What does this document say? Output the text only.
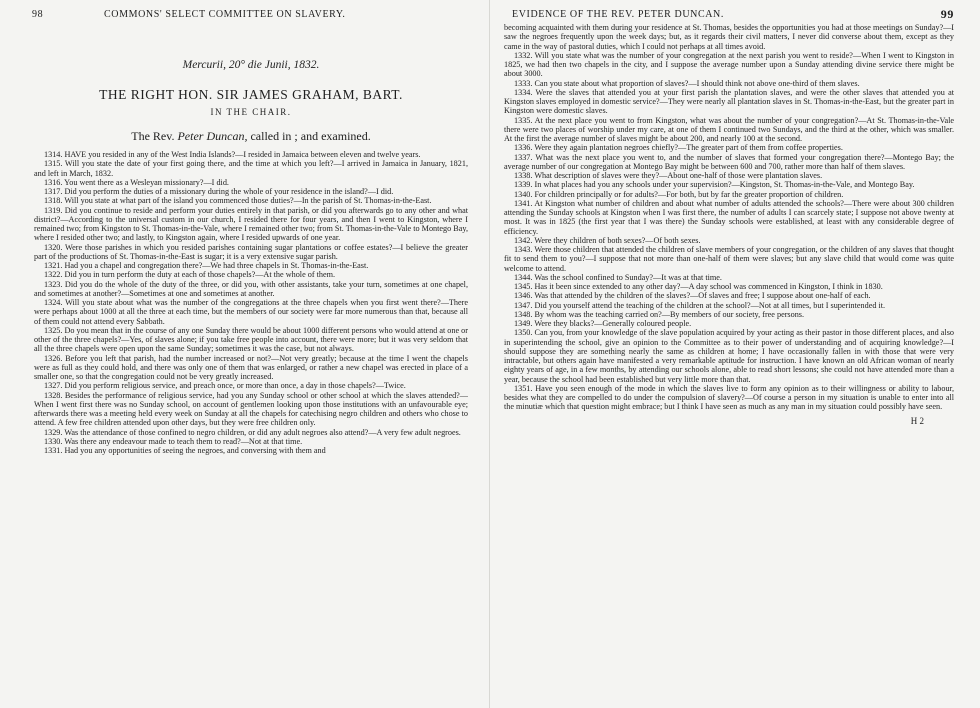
98	COMMONS' SELECT COMMITTEE ON SLAVERY.
Mercurii, 20° die Junii, 1832.
THE RIGHT HON. SIR JAMES GRAHAM, BART.
IN THE CHAIR.
The Rev. Peter Duncan, called in ; and examined.

1314. HAVE you resided in any of the West India Islands?—I resided in Jamaica between eleven and twelve years.

1315. Will you state the date of your first going there, and the time at which you left?—I arrived in Jamaica in January, 1821, and left in March, 1832.

1316. You went there as a Wesleyan missionary?—I did.

1317. Did you perform the duties of a missionary during the whole of your residence in the island?—I did.

1318. Will you state at what part of the island you commenced those duties?—In the parish of St. Thomas-in-the-East.

1319. Did you continue to reside and perform your duties entirely in that parish, or did you afterwards go to any other and what district?—According to the universal custom in our church, I resided there for four years, and then I went to Kingston, where I remained two; from Kingston to St. Thomas-in-the-Vale, where I remained other two; from St. Thomas-in-the-Vale to Montego Bay, where I resided other two; and lastly, to Kingston again, where I resided upwards of one year.

1320. Were those parishes in which you resided parishes containing sugar plantations or coffee estates?—I believe the greater part of the productions of St. Thomas-in-the-East is sugar; it is a very extensive sugar parish.

1321. Had you a chapel and congregation there?—We had three chapels in St. Thomas-in-the-East.

1322. Did you in turn perform the duty at each of those chapels?—At the whole of them.

1323. Did you do the whole of the duty of the three, or did you, with other assistants, take your turn, sometimes at one chapel, and sometimes at another?—Sometimes at one and sometimes at another.

1324. Will you state about what was the number of the congregations at the three chapels when you first went there?—There were perhaps about 1000 at all the three at each time, but the members of our society were far more numerous than that, because all of them could not attend every Sabbath.

1325. Do you mean that in the course of any one Sunday there would be about 1000 different persons who would attend at one or other of the three chapels?—Yes, of slaves alone; if you take free people into account, there were more; but it was very seldom that all the three chapels were open upon the same Sunday; sometimes it was the case, but not always.

1326. Before you left that parish, had the number increased or not?—Not very greatly; because at the time I went the chapels were as full as they could hold, and there was only one of them that was enlarged, or rather a new chapel was erected in place of a smaller one, so that the congregation could not be very greatly increased.

1327. Did you perform religious service, and preach once, or more than once, a day in those chapels?—Twice.

1328. Besides the performance of religious service, had you any Sunday school or other school at which the slaves attended?—When I went first there was no Sunday school, on account of gentlemen looking upon those institutions with an unfavourable eye; afterwards there was a meeting held every week on Sunday at all the chapels for catechising negro children and others who chose to attend. A few free children attended upon other days, but they were free children only.

1329. Was the attendance of those confined to negro children, or did any adult negroes also attend?—A very few adult negroes.

1330. Was there any endeavour made to teach them to read?—Not at that time.

1331. Had you any opportunities of seeing the negroes, and conversing with them and

EVIDENCE OF THE REV. PETER DUNCAN.	99

becoming acquainted with them during your residence at St. Thomas, besides the opportunities you had at those meetings on Sunday?—I saw the negroes frequently upon the week days; but, as it regards their civil matters, I never did converse about them, except as they came in the way of pastoral duties, which I could not perhaps at all times avoid.

1332. Will you state what was the number of your congregation at the next parish you went to reside?—When I went to Kingston in 1825, we had then two chapels in the city, and I suppose the average number upon a Sunday attending divine service there might be about 3000.

1333. Can you state about what proportion of slaves?—I should think not above one-third of them slaves.

1334. Were the slaves that attended you at your first parish the plantation slaves, and were the other slaves that attended you at Kingston slaves employed in domestic service?—They were nearly all plantation slaves in St. Thomas-in-the-East, but the greater part in Kingston were domestic slaves.

1335. At the next place you went to from Kingston, what was about the number of your congregation?—At St. Thomas-in-the-Vale there were two places of worship under my care, at one of them I continued two Sundays, and the third at the other, which was smaller. At the first the average number of slaves might be about 200, and nearly 100 at the second.

1336. Were they again plantation negroes chiefly?—The greater part of them from coffee properties.

1337. What was the next place you went to, and the number of slaves that formed your congregation there?—Montego Bay; the average number of our congregation at Montego Bay might be between 600 and 700, rather more than half of them slaves.

1338. What description of slaves were they?—About one-half of those were plantation slaves.

1339. In what places had you any schools under your supervision?—Kingston, St. Thomas-in-the-Vale, and Montego Bay.

1340. For children principally or for adults?—For both, but by far the greater proportion of children.

1341. At Kingston what number of children and about what number of adults attended the schools?—There were about 300 children attending the Sunday schools at Kingston when I was first there, the number of adults I can scarcely state; I suppose not above twenty at most. It was in 1825 (the first year that I was there) the Sunday schools were established, at least with any considerable degree of efficiency.

1342. Were they children of both sexes?—Of both sexes.

1343. Were those children that attended the children of slave members of your congregation, or the children of any slaves that thought fit to send them to you?—I suppose that not more than one-half of them were slaves; but any slave child that would come was quite welcome to attend.

1344. Was the school confined to Sunday?—It was at that time.

1345. Has it been since extended to any other day?—A day school was commenced in Kingston, I think in 1830.

1346. Was that attended by the children of the slaves?—Of slaves and free; I suppose about one-half of each.

1347. Did you yourself attend the teaching of the children at the school?—Not at all times, but I superintended it.

1348. By whom was the teaching carried on?—By members of our society, free persons.

1349. Were they blacks?—Generally coloured people.

1350. Can you, from your knowledge of the slave population acquired by your acting as their pastor in those different places, and also in superintending the school, give an opinion to the Committee as to their power of understanding and of acquiring knowledge?—I should suppose they are something nearly the same as children at home; I have occasionally fallen in with those that were very intractable, but others again have manifested a very remarkable aptitude for instruction. I have known an old African woman of nearly eighty years of age, in a few months, by attending our schools alone, able to read short lessons; she could not have attended more than a year, because the school had been established but very little more than that.

1351. Have you seen enough of the mode in which the slaves live to form any opinion as to their willingness or ability to labour, besides what they are compelled to do under the compulsion of slavery?—Of course a person in my situation is unable to enter into all the minutiæ which that question might embrace; but I think I have seen as much as any man in my situation could possibly have seen.

H 2
